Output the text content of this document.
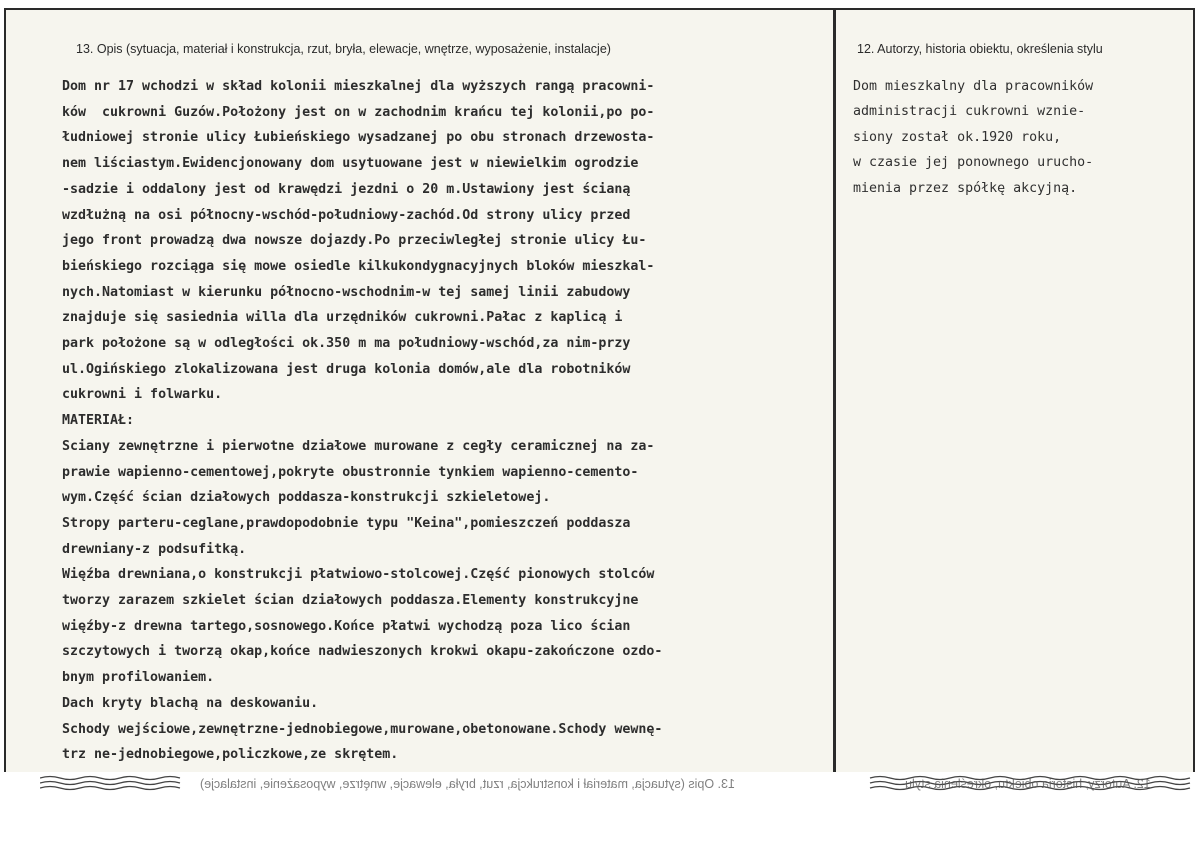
13. Opis (sytuacja, materiał i konstrukcja, rzut, bryła, elewacje, wnętrze, wyposażenie, instalacje)	12. Autorzy, historia obiektu, określenia stylu
Dom nr 17 wchodzi w skład kolonii mieszkalnej dla wyższych rangą pracowni-
ków  cukrowni Guzów.Położony jest on w zachodnim krańcu tej kolonii,po po-
łudniowej stronie ulicy Łubieńskiego wysadzanej po obu stronach drzewosta-
nem liściastym.Ewidencjonowany dom usytuowane jest w niewielkim ogrodzie
-sadzie i oddalony jest od krawędzi jezdni o 20 m.Ustawiony jest ścianą
wzdłużną na osi północny-wschód-południowy-zachód.Od strony ulicy przed
jego front prowadzą dwa nowsze dojazdy.Po przeciwległej stronie ulicy Łu-
bieńskiego rozciąga się mowe osiedle kilkukondygnacyjnych bloków mieszkal-
nych.Natomiast w kierunku północno-wschodnim-w tej samej linii zabudowy
znajduje się sasiednia willa dla urzędników cukrowni.Pałac z kaplicą i
park położone są w odległości ok.350 m ma południowy-wschód,za nim-przy
ul.Ogińskiego zlokalizowana jest druga kolonia domów,ale dla robotników
cukrowni i folwarku.
MATERIAŁ:
Sciany zewnętrzne i pierwotne działowe murowane z cegły ceramicznej na za-
prawie wapienno-cementowej,pokryte obustronnie tynkiem wapienno-cemento-
wym.Część ścian działowych poddasza-konstrukcji szkieletowej.
Stropy parteru-ceglane,prawdopodobnie typu "Keina",pomieszczeń poddasza
drewniany-z podsufitką.
Więźba drewniana,o konstrukcji płatwiowo-stolcowej.Część pionowych stolców
tworzy zarazem szkielet ścian działowych poddasza.Elementy konstrukcyjne
więźby-z drewna tartego,sosnowego.Końce płatwi wychodzą poza lico ścian
szczytowych i tworzą okap,końce nadwieszonych krokwi okapu-zakończone ozdo-
bnym profilowaniem.
Dach kryty blachą na deskowaniu.
Schody wejściowe,zewnętrzne-jednobiegowe,murowane,obetonowane.Schody wewnę-
trz ne-jednobiegowe,policzkowe,ze skrętem.
Dom mieszkalny dla pracowników
administracji cukrowni wznie-
siony został ok.1920 roku,
w czasie jej ponownego urucho-
mienia przez spółkę akcyjną.
13. Opis (sytuacja, materiał i konstrukcja, rzut, bryła, elewacje, wnętrze, wyposażenie, instalacje)	12. Autorzy, historia obiektu, określenia stylu
